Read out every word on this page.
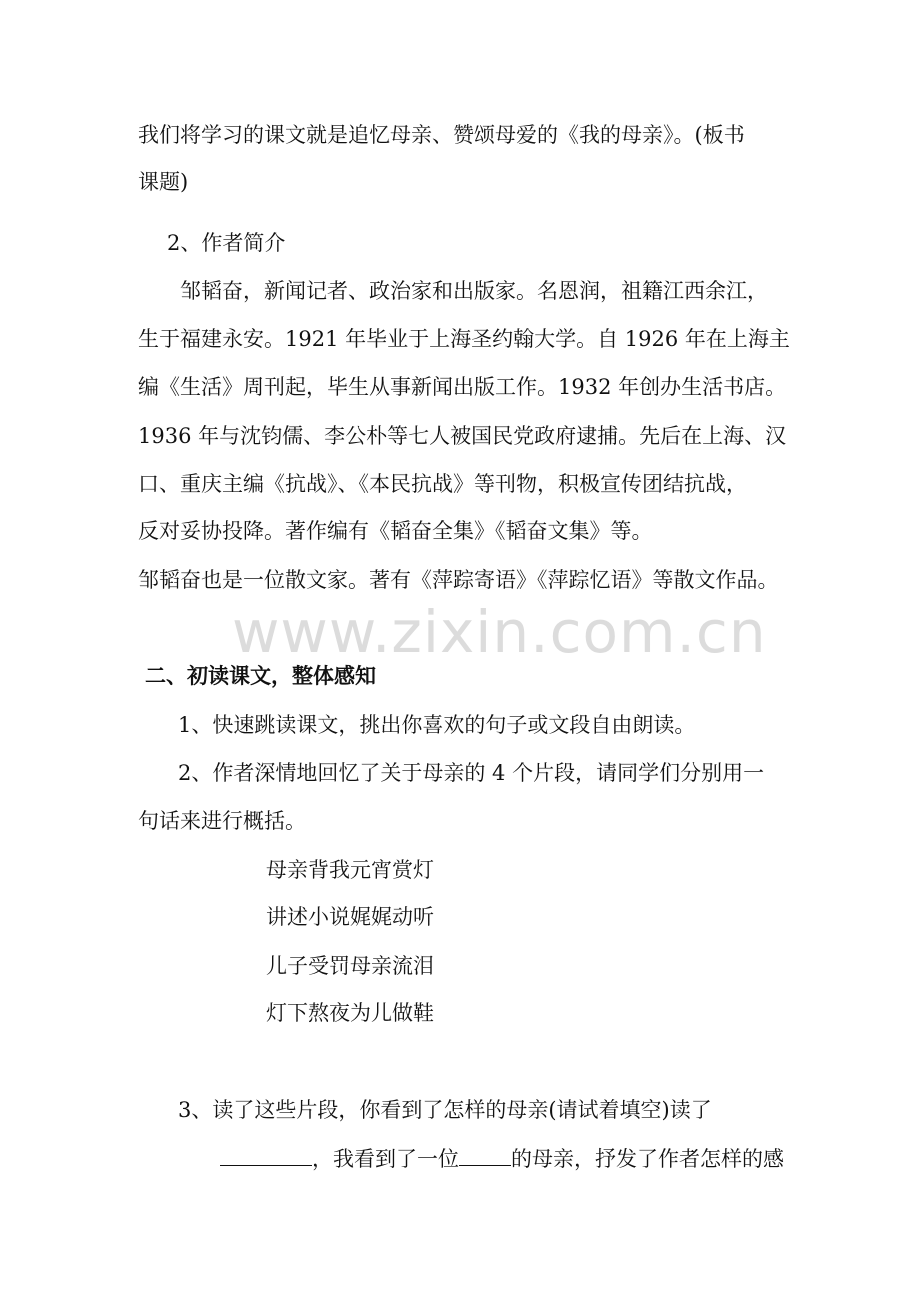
我们将学习的课文就是追忆母亲、赞颂母爱的《我的母亲》。(板书
课题)
2、作者简介
邹韬奋，新闻记者、政治家和出版家。名恩润，祖籍江西余江，
生于福建永安。1921 年毕业于上海圣约翰大学。自 1926 年在上海主
编《生活》周刊起，毕生从事新闻出版工作。1932 年创办生活书店。
1936 年与沈钧儒、李公朴等七人被国民党政府逮捕。先后在上海、汉
口、重庆主编《抗战》、《本民抗战》等刊物，积极宣传团结抗战，
反对妥协投降。著作编有《韬奋全集》《韬奋文集》等。
邹韬奋也是一位散文家。著有《萍踪寄语》《萍踪忆语》等散文作品。
www.zixin.com.cn
二、初读课文，整体感知
1、快速跳读课文，挑出你喜欢的句子或文段自由朗读。
2、作者深情地回忆了关于母亲的 4 个片段，请同学们分别用一
句话来进行概括。
母亲背我元宵赏灯
讲述小说娓娓动听
儿子受罚母亲流泪
灯下熬夜为儿做鞋
3、读了这些片段，你看到了怎样的母亲(请试着填空)读了
，我看到了一位 的母亲，抒发了作者怎样的感
